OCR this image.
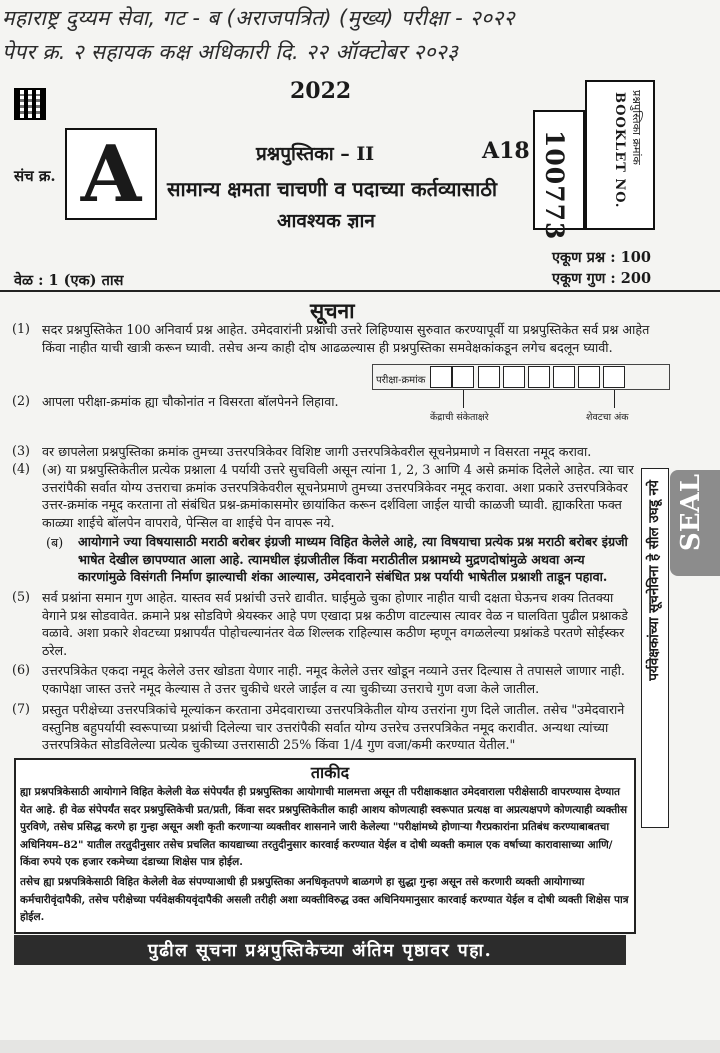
महाराष्ट्र दुय्यम सेवा, गट - ब (अराजपत्रित) (मुख्य) परीक्षा - २०२२
पेपर क्र. २ सहायक कक्ष अधिकारी दि. २२ ऑक्टोबर २०२३
2022
संच क्र. A	प्रश्नपुस्तिका – II	A18
सामान्य क्षमता चाचणी व पदाच्या कर्तव्यासाठी
आवश्यक ज्ञान	100773
प्रश्नपुस्तिका क्रमांक
BOOKLET NO.
एकूण प्रश्न : 100
एकूण गुण : 200
वेळ : 1 (एक) तास
सूचना
(1) सदर प्रश्नपुस्तिकेत 100 अनिवार्य प्रश्न आहेत. उमेदवारांनी प्रश्नांची उत्तरे लिहिण्यास सुरुवात करण्यापूर्वी या प्रश्नपुस्तिकेत सर्व प्रश्न आहेत किंवा नाहीत याची खात्री करून घ्यावी. तसेच अन्य काही दोष आढळल्यास ही प्रश्नपुस्तिका समवेक्षकांकडून लगेच बदलून घ्यावी.
(2) आपला परीक्षा-क्रमांक ह्या चौकोनांत न विसरता बॉलपेनने लिहावा.
परीक्षा-क्रमांक
केंद्राची संकेताक्षरे	शेवटचा अंक
(3) वर छापलेला प्रश्नपुस्तिका क्रमांक तुमच्या उत्तरपत्रिकेवर विशिष्ट जागी उत्तरपत्रिकेवरील सूचनेप्रमाणे न विसरता नमूद करावा.
(4) (अ) या प्रश्नपुस्तिकेतील प्रत्येक प्रश्नाला 4 पर्यायी उत्तरे सुचविली असून त्यांना 1, 2, 3 आणि 4 असे क्रमांक दिलेले आहेत. त्या चार उत्तरांपैकी सर्वात योग्य उत्तराचा क्रमांक उत्तरपत्रिकेवरील सूचनेप्रमाणे तुमच्या उत्तरपत्रिकेवर नमूद करावा. अशा प्रकारे उत्तरपत्रिकेवर उत्तर-क्रमांक नमूद करताना तो संबंधित प्रश्न-क्रमांकासमोर छायांकित करून दर्शविला जाईल याची काळजी घ्यावी. ह्याकरिता फक्त काळ्या शाईचे बॉलपेन वापरावे, पेन्सिल वा शाईचे पेन वापरू नये.
(ब) आयोगाने ज्या विषयासाठी मराठी बरोबर इंग्रजी माध्यम विहित केलेले आहे, त्या विषयाचा प्रत्येक प्रश्न मराठी बरोबर इंग्रजी भाषेत देखील छापण्यात आला आहे. त्यामधील इंग्रजीतील किंवा मराठीतील प्रश्नामध्ये मुद्रणदोषांमुळे अथवा अन्य कारणांमुळे विसंगती निर्माण झाल्याची शंका आल्यास, उमेदवाराने संबंधित प्रश्न पर्यायी भाषेतील प्रश्नाशी ताडून पहावा.
(5) सर्व प्रश्नांना समान गुण आहेत. यास्तव सर्व प्रश्नांची उत्तरे द्यावीत. घाईमुळे चुका होणार नाहीत याची दक्षता घेऊनच शक्य तितक्या वेगाने प्रश्न सोडवावेत. क्रमाने प्रश्न सोडविणे श्रेयस्कर आहे पण एखादा प्रश्न कठीण वाटल्यास त्यावर वेळ न घालविता पुढील प्रश्नाकडे वळावे. अशा प्रकारे शेवटच्या प्रश्नापर्यंत पोहोचल्यानंतर वेळ शिल्लक राहिल्यास कठीण म्हणून वगळलेल्या प्रश्नांकडे परतणे सोईस्कर ठरेल.
(6) उत्तरपत्रिकेत एकदा नमूद केलेले उत्तर खोडता येणार नाही. नमूद केलेले उत्तर खोडून नव्याने उत्तर दिल्यास ते तपासले जाणार नाही. एकापेक्षा जास्त उत्तरे नमूद केल्यास ते उत्तर चुकीचे धरले जाईल व त्या चुकीच्या उत्तराचे गुण वजा केले जातील.
(7) प्रस्तुत परीक्षेच्या उत्तरपत्रिकांचे मूल्यांकन करताना उमेदवाराच्या उत्तरपत्रिकेतील योग्य उत्तरांना गुण दिले जातील. तसेच "उमेदवाराने वस्तुनिष्ठ बहुपर्यायी स्वरूपाच्या प्रश्नांची दिलेल्या चार उत्तरांपैकी सर्वात योग्य उत्तरेच उत्तरपत्रिकेत नमूद करावीत. अन्यथा त्यांच्या उत्तरपत्रिकेत सोडविलेल्या प्रत्येक चुकीच्या उत्तरासाठी 25% किंवा 1/4 गुण वजा/कमी करण्यात येतील."
पर्यवेक्षकांच्या सूचनेविना हे सील उघडू नये SEAL
ताकीद
ह्या प्रश्नपत्रिकेसाठी आयोगाने विहित केलेली वेळ संपेपर्यंत ही प्रश्नपुस्तिका आयोगाची मालमत्ता असून ती परीक्षाकक्षात उमेदवाराला परीक्षेसाठी वापरण्यास देण्यात येत आहे. ही वेळ संपेपर्यंत सदर प्रश्नपुस्तिकेची प्रत/प्रती, किंवा सदर प्रश्नपुस्तिकेतील काही आशय कोणत्याही स्वरूपात प्रत्यक्ष वा अप्रत्यक्षपणे कोणत्याही व्यक्तीस पुरविणे, तसेच प्रसिद्ध करणे हा गुन्हा असून अशी कृती करणाऱ्या व्यक्तीवर शासनाने जारी केलेल्या "परीक्षांमध्ये होणाऱ्या गैरप्रकारांना प्रतिबंध करण्याबाबतचा अधिनियम–82" यातील तरतुदीनुसार तसेच प्रचलित कायद्याच्या तरतुदीनुसार कारवाई करण्यात येईल व दोषी व्यक्ती कमाल एक वर्षाच्या कारावासाच्या आणि/किंवा रुपये एक हजार रकमेच्या दंडाच्या शिक्षेस पात्र होईल.
तसेच ह्या प्रश्नपत्रिकेसाठी विहित केलेली वेळ संपण्याआधी ही प्रश्नपुस्तिका अनधिकृतपणे बाळगणे हा सुद्धा गुन्हा असून तसे करणारी व्यक्ती आयोगाच्या कर्मचारीवृंदापैकी, तसेच परीक्षेच्या पर्यवेक्षकीयवृंदापैकी असली तरीही अशा व्यक्तीविरुद्ध उक्त अधिनियमानुसार कारवाई करण्यात येईल व दोषी व्यक्ती शिक्षेस पात्र होईल.
पुढील सूचना प्रश्नपुस्तिकेच्या अंतिम पृष्ठावर पहा.
